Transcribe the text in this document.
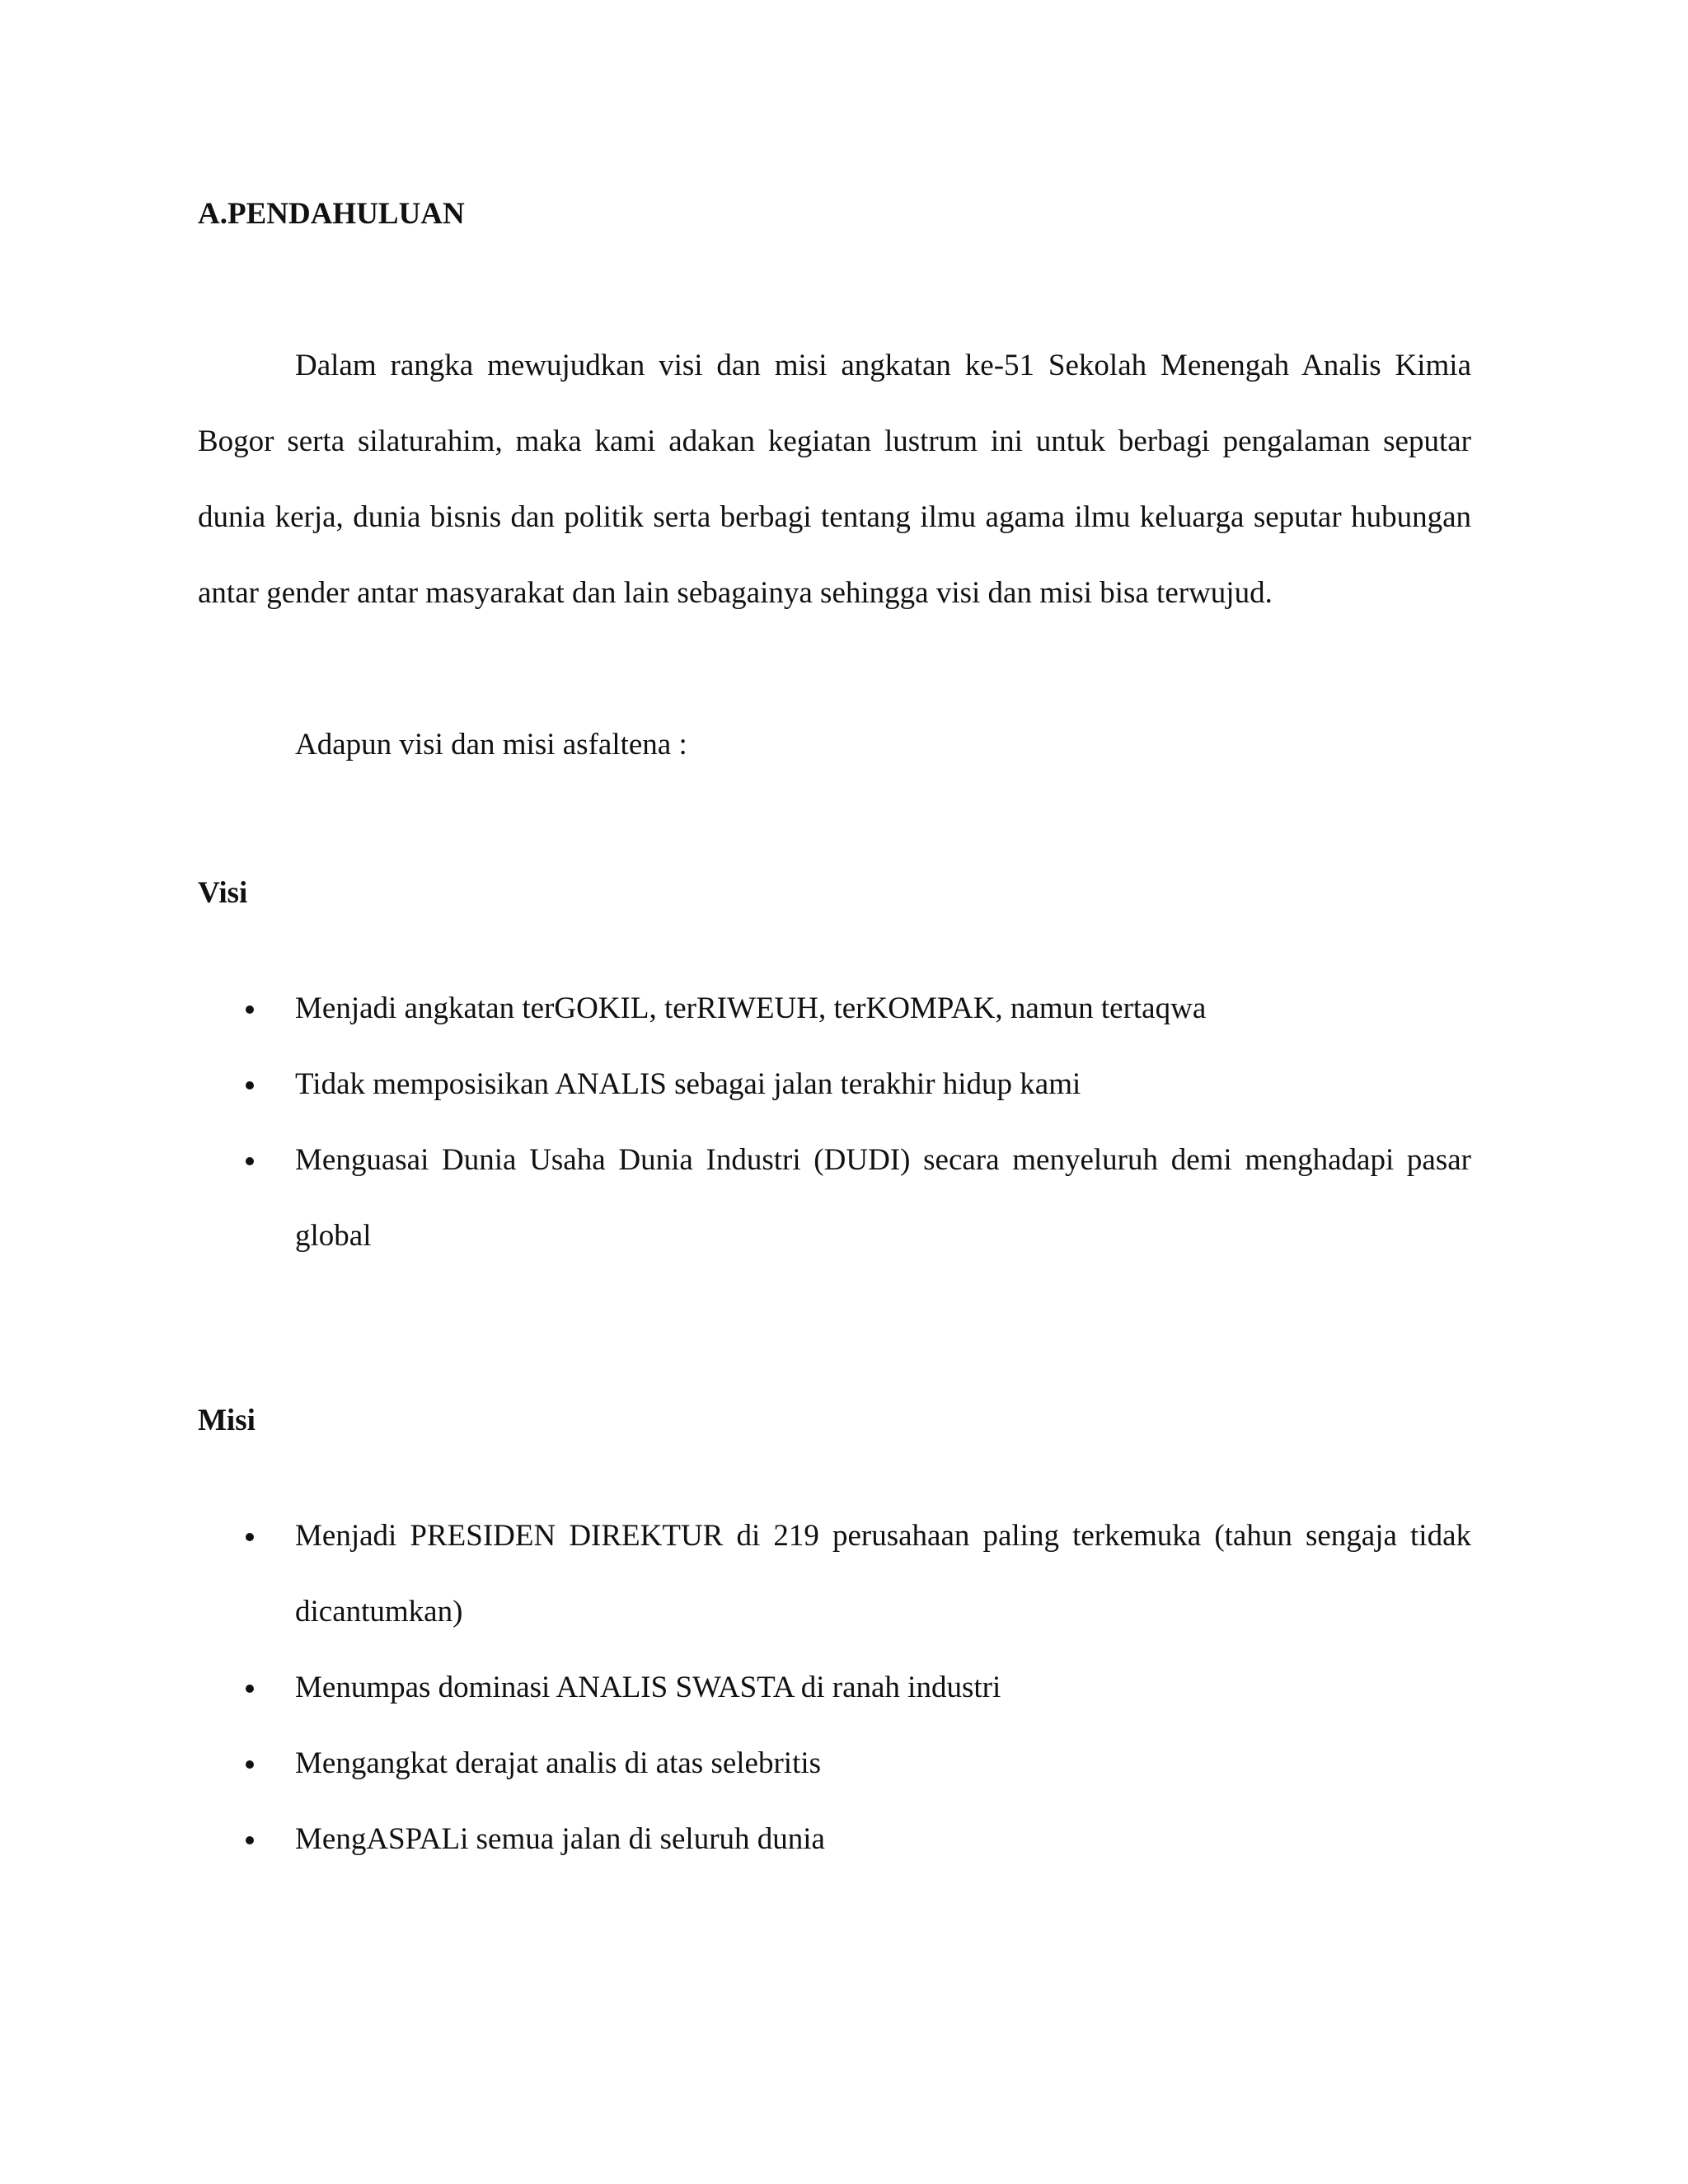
A.PENDAHULUAN

Dalam rangka mewujudkan visi dan misi angkatan ke-51 Sekolah Menengah Analis Kimia Bogor serta silaturahim, maka kami adakan kegiatan lustrum ini untuk berbagi pengalaman seputar dunia kerja, dunia bisnis dan politik serta berbagi tentang ilmu agama ilmu keluarga seputar hubungan antar gender antar masyarakat dan lain sebagainya sehingga visi dan misi bisa terwujud.

Adapun visi dan misi asfaltena :

Visi
Menjadi angkatan terGOKIL, terRIWEUH, terKOMPAK, namun tertaqwa
Tidak memposisikan ANALIS sebagai jalan terakhir hidup kami
Menguasai Dunia Usaha Dunia Industri (DUDI) secara menyeluruh demi menghadapi pasar global
Misi
Menjadi PRESIDEN DIREKTUR di 219 perusahaan paling terkemuka (tahun sengaja tidak dicantumkan)
Menumpas dominasi ANALIS SWASTA di ranah industri
Mengangkat derajat analis di atas selebritis
MengASPALi semua jalan di seluruh dunia
